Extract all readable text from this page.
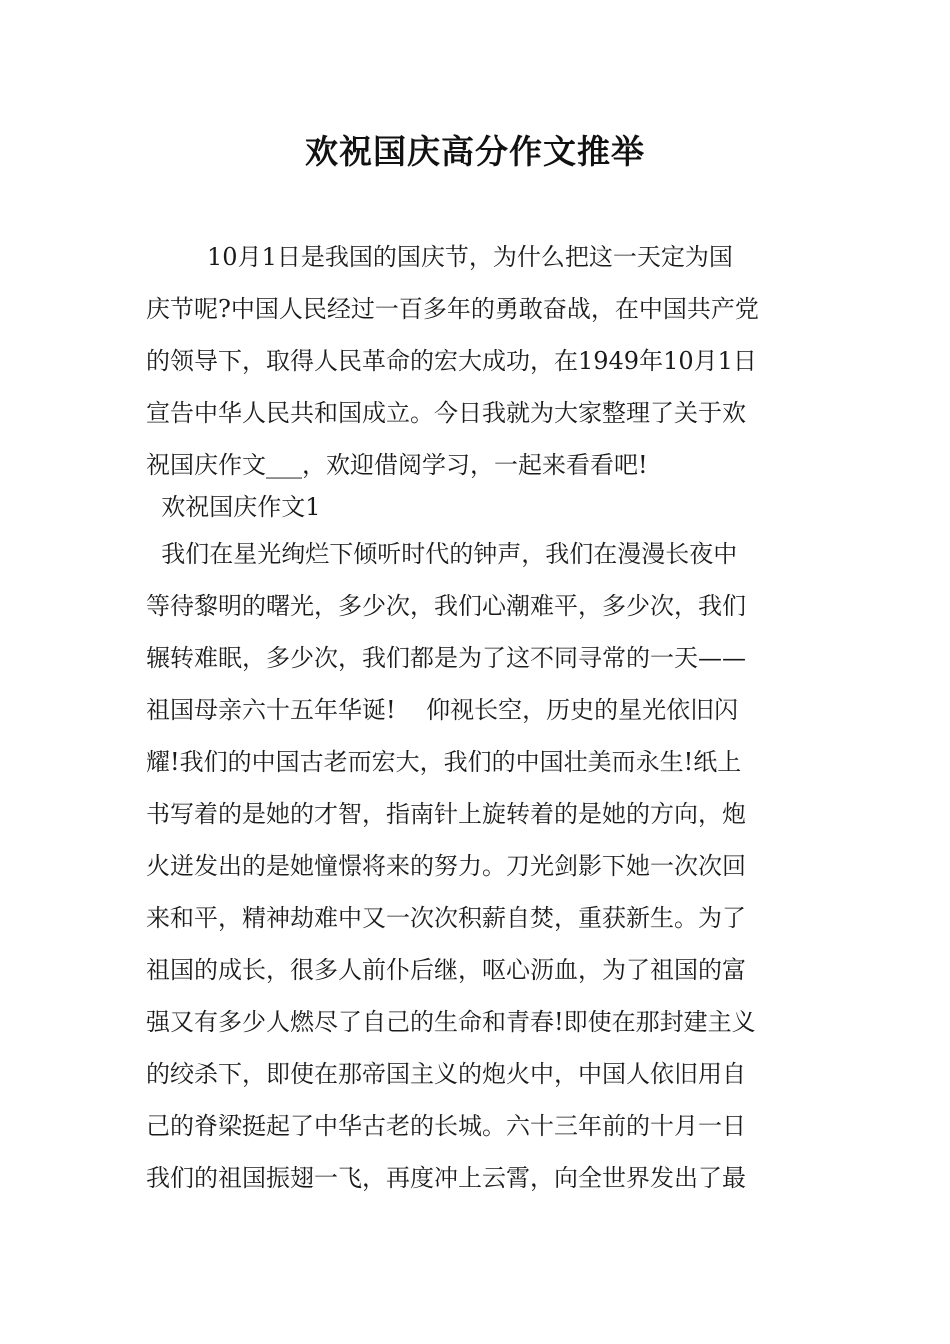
欢祝国庆高分作文推举
10月1日是我国的国庆节，为什么把这一天定为国
庆节呢?中国人民经过一百多年的勇敢奋战，在中国共产党
的领导下，取得人民革命的宏大成功，在1949年10月1日
宣告中华人民共和国成立。今日我就为大家整理了关于欢
祝国庆作文___，欢迎借阅学习，一起来看看吧!
欢祝国庆作文1
我们在星光绚烂下倾听时代的钟声，我们在漫漫长夜中
等待黎明的曙光，多少次，我们心潮难平，多少次，我们
辗转难眠，多少次，我们都是为了这不同寻常的一天——
祖国母亲六十五年华诞!    仰视长空，历史的星光依旧闪
耀!我们的中国古老而宏大，我们的中国壮美而永生!纸上
书写着的是她的才智，指南针上旋转着的是她的方向，炮
火迸发出的是她憧憬将来的努力。刀光剑影下她一次次回
来和平，精神劫难中又一次次积薪自焚，重获新生。为了
祖国的成长，很多人前仆后继，呕心沥血，为了祖国的富
强又有多少人燃尽了自己的生命和青春!即使在那封建主义
的绞杀下，即使在那帝国主义的炮火中，中国人依旧用自
己的脊梁挺起了中华古老的长城。六十三年前的十月一日
我们的祖国振翅一飞，再度冲上云霄，向全世界发出了最
